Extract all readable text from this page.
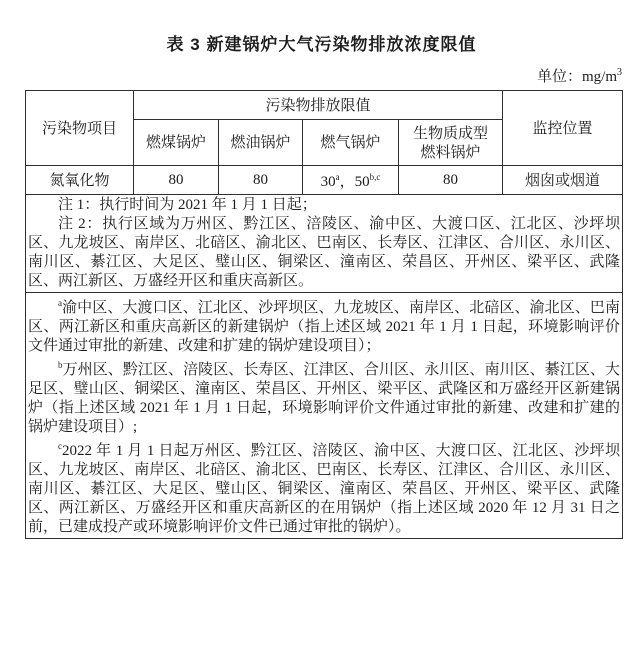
表 3 新建锅炉大气污染物排放浓度限值
单位：$mg/m^3$
污染物项目	污染物排放限值				监控位置
	燃煤锅炉	燃油锅炉	燃气锅炉	生物质成型燃料锅炉	
氮氧化物	80	80	30$^a$，50$^{b,c}$	80	烟囱或烟道

注 1：执行时间为 2021 年 1 月 1 日起；

注 2：执行区域为万州区、黔江区、涪陵区、渝中区、大渡口区、江北区、沙坪坝区、九龙坡区、南岸区、北碚区、渝北区、巴南区、长寿区、江津区、合川区、永川区、南川区、綦江区、大足区、璧山区、铜梁区、潼南区、荣昌区、开州区、梁平区、武隆区、两江新区、万盛经开区和重庆高新区。					

$^a$渝中区、大渡口区、江北区、沙坪坝区、九龙坡区、南岸区、北碚区、渝北区、巴南区、两江新区和重庆高新区的新建锅炉（指上述区域 2021 年 1 月 1 日起，环境影响评价文件通过审批的新建、改建和扩建的锅炉建设项目）；

$^b$万州区、黔江区、涪陵区、长寿区、江津区、合川区、永川区、南川区、綦江区、大足区、璧山区、铜梁区、潼南区、荣昌区、开州区、梁平区、武隆区和万盛经开区新建锅炉（指上述区域 2021 年 1 月 1 日起，环境影响评价文件通过审批的新建、改建和扩建的锅炉建设项目）;

$^c$2022 年 1 月 1 日起万州区、黔江区、涪陵区、渝中区、大渡口区、江北区、沙坪坝区、九龙坡区、南岸区、北碚区、渝北区、巴南区、长寿区、江津区、合川区、永川区、南川区、綦江区、大足区、璧山区、铜梁区、潼南区、荣昌区、开州区、梁平区、武隆区、两江新区、万盛经开区和重庆高新区的在用锅炉（指上述区域 2020 年 12 月 31 日之前，已建成投产或环境影响评价文件已通过审批的锅炉）。					
